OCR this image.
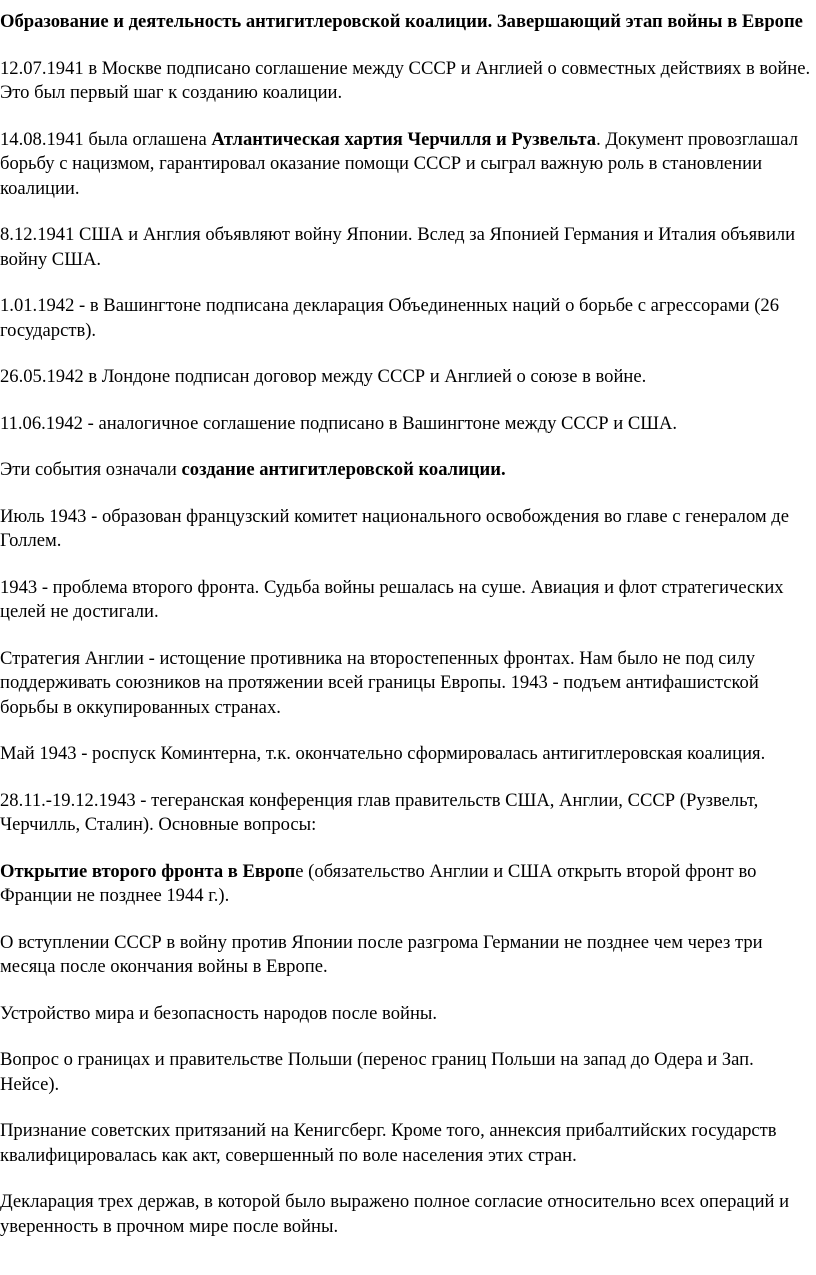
Образование и деятельность антигитлеровской коалиции. Завершающий этап войны в Европе

12.07.1941 в Москве подписано соглашение между СССР и Англией о совместных действиях в войне. Это был первый шаг к созданию коалиции.

14.08.1941 была оглашена Атлантическая хартия Черчилля и Рузвельта. Документ провозглашал борьбу с нацизмом, гарантировал оказание помощи СССР и сыграл важную роль в становлении коалиции.

8.12.1941 США и Англия объявляют войну Японии. Вслед за Японией Германия и Италия объявили войну США.

1.01.1942 - в Вашингтоне подписана декларация Объединенных наций о борьбе с агрессорами (26 государств).

26.05.1942 в Лондоне подписан договор между СССР и Англией о союзе в войне.

11.06.1942 - аналогичное соглашение подписано в Вашингтоне между СССР и США.

Эти события означали создание антигитлеровской коалиции.

Июль 1943 - образован французский комитет национального освобождения во главе с генералом де Голлем.

1943 - проблема второго фронта. Судьба войны решалась на суше. Авиация и флот стратегических целей не достигали.

Стратегия Англии - истощение противника на второстепенных фронтах. Нам было не под силу поддерживать союзников на протяжении всей границы Европы. 1943 - подъем антифашистской борьбы в оккупированных странах.

Май 1943 - роспуск Коминтерна, т.к. окончательно сформировалась антигитлеровская коалиция.

28.11.-19.12.1943 - тегеранская конференция глав правительств США, Англии, СССР (Рузвельт, Черчилль, Сталин). Основные вопросы:

Открытие второго фронта в Европе (обязательство Англии и США открыть второй фронт во Франции не позднее 1944 г.).

О вступлении СССР в войну против Японии после разгрома Германии не позднее чем через три месяца после окончания войны в Европе.

Устройство мира и безопасность народов после войны.

Вопрос о границах и правительстве Польши (перенос границ Польши на запад до Одера и Зап. Нейсе).

Признание советских притязаний на Кенигсберг. Кроме того, аннексия прибалтийских государств квалифицировалась как акт, совершенный по воле населения этих стран.

Декларация трех держав, в которой было выражено полное согласие относительно всех операций и уверенность в прочном мире после войны.
